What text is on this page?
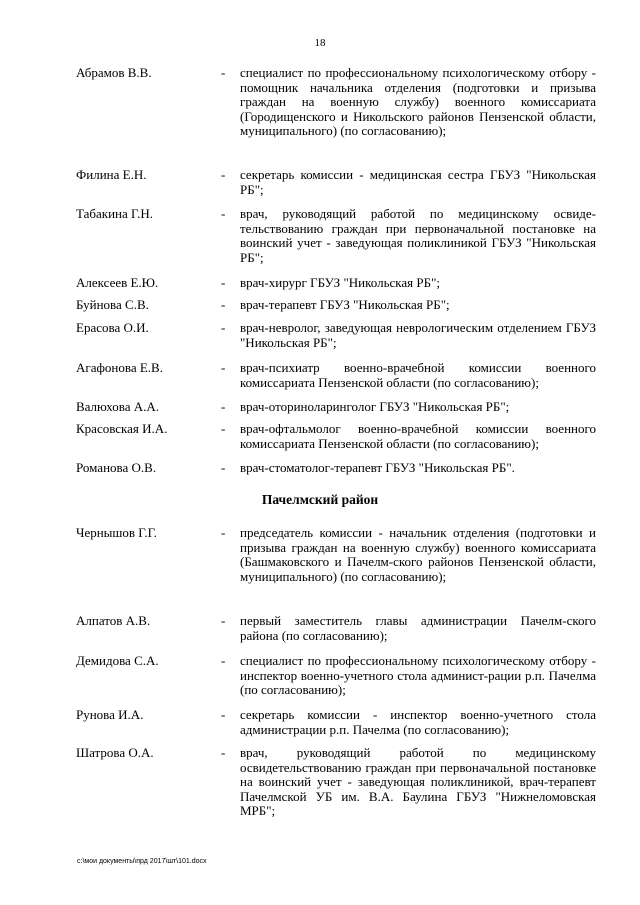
18
Абрамов В.В.	- специалист по профессиональному психологическому отбору - помощник начальника отделения (подготовки и призыва граждан на военную службу) военного комиссариата (Городищенского и Никольского районов Пензенской области, муниципального) (по согласованию);
Филина Е.Н.	- секретарь комиссии - медицинская сестра ГБУЗ "Никольская РБ";
Табакина Г.Н.	- врач, руководящий работой по медицинскому освиде-тельствованию граждан при первоначальной постановке на воинский учет - заведующая поликлиникой ГБУЗ "Никольская РБ";
Алексеев Е.Ю.	- врач-хирург ГБУЗ "Никольская РБ";
Буйнова С.В.	- врач-терапевт ГБУЗ "Никольская РБ";
Ерасова О.И.	- врач-невролог, заведующая неврологическим отделением ГБУЗ "Никольская РБ";
Агафонова Е.В.	- врач-психиатр военно-врачебной комиссии военного комиссариата Пензенской области (по согласованию);
Валюхова А.А.	- врач-оториноларинголог ГБУЗ "Никольская РБ";
Красовская И.А.	- врач-офтальмолог военно-врачебной комиссии военного комиссариата Пензенской области (по согласованию);
Романова О.В.	- врач-стоматолог-терапевт ГБУЗ "Никольская РБ".
Пачелмский район
Чернышов Г.Г.	- председатель комиссии - начальник отделения (подготовки и призыва граждан на военную службу) военного комиссариата (Башмаковского и Пачелм-ского районов Пензенской области, муниципального) (по согласованию);
Алпатов А.В.	- первый заместитель главы администрации Пачелм-ского района (по согласованию);
Демидова С.А.	- специалист по профессиональному психологическому отбору - инспектор военно-учетного стола админист-рации р.п. Пачелма (по согласованию);
Рунова И.А.	- секретарь комиссии - инспектор военно-учетного стола администрации р.п. Пачелма (по согласованию);
Шатрова О.А.	- врач, руководящий работой по медицинскому освидетельствованию граждан при первоначальной постановке на воинский учет - заведующая поликлиникой, врач-терапевт Пачелмской УБ им. В.А. Баулина ГБУЗ "Нижнеломовская МРБ";
c:\мои документы\прд 2017\шт\101.docx
